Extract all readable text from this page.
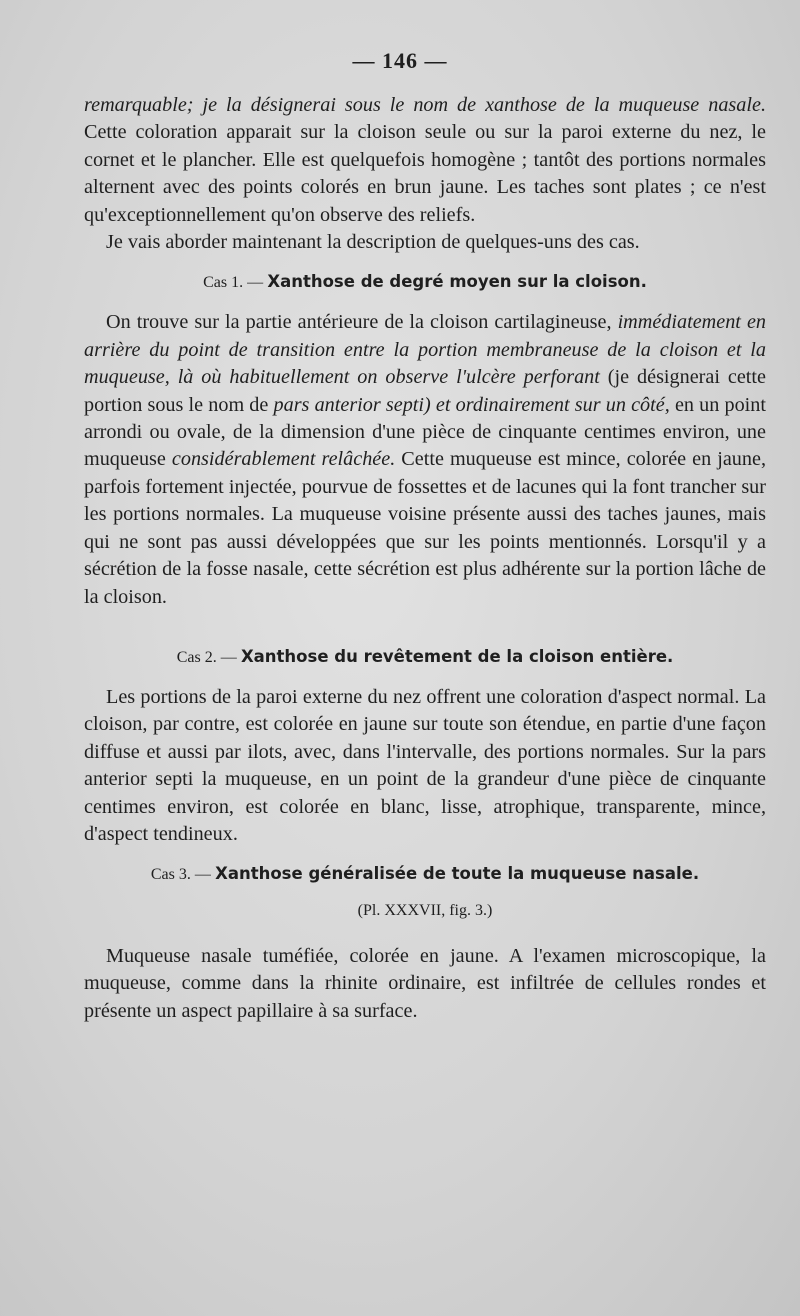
— 146 —

remarquable; je la désignerai sous le nom de xanthose de la muqueuse nasale. Cette coloration apparait sur la cloison seule ou sur la paroi externe du nez, le cornet et le plancher. Elle est quelquefois homogène ; tantôt des portions normales alternent avec des points colorés en brun jaune. Les taches sont plates ; ce n'est qu'exceptionnellement qu'on observe des reliefs.

Je vais aborder maintenant la description de quelques-uns des cas.

Cas 1. — Xanthose de degré moyen sur la cloison.

On trouve sur la partie antérieure de la cloison cartilagineuse, immédiatement en arrière du point de transition entre la portion membraneuse de la cloison et la muqueuse, là où habituellement on observe l'ulcère perforant (je désignerai cette portion sous le nom de pars anterior septi) et ordinairement sur un côté, en un point arrondi ou ovale, de la dimension d'une pièce de cinquante centimes environ, une muqueuse considérablement relâchée. Cette muqueuse est mince, colorée en jaune, parfois fortement injectée, pourvue de fossettes et de lacunes qui la font trancher sur les portions normales. La muqueuse voisine présente aussi des taches jaunes, mais qui ne sont pas aussi développées que sur les points mentionnés. Lorsqu'il y a sécrétion de la fosse nasale, cette sécrétion est plus adhérente sur la portion lâche de la cloison.

Cas 2. — Xanthose du revêtement de la cloison entière.

Les portions de la paroi externe du nez offrent une coloration d'aspect normal. La cloison, par contre, est colorée en jaune sur toute son étendue, en partie d'une façon diffuse et aussi par ilots, avec, dans l'intervalle, des portions normales. Sur la pars anterior septi la muqueuse, en un point de la grandeur d'une pièce de cinquante centimes environ, est colorée en blanc, lisse, atrophique, transparente, mince, d'aspect tendineux.

Cas 3. — Xanthose généralisée de toute la muqueuse nasale.
(Pl. XXXVII, fig. 3.)

Muqueuse nasale tuméfiée, colorée en jaune. A l'examen microscopique, la muqueuse, comme dans la rhinite ordinaire, est infiltrée de cellules rondes et présente un aspect papillaire à sa surface.
